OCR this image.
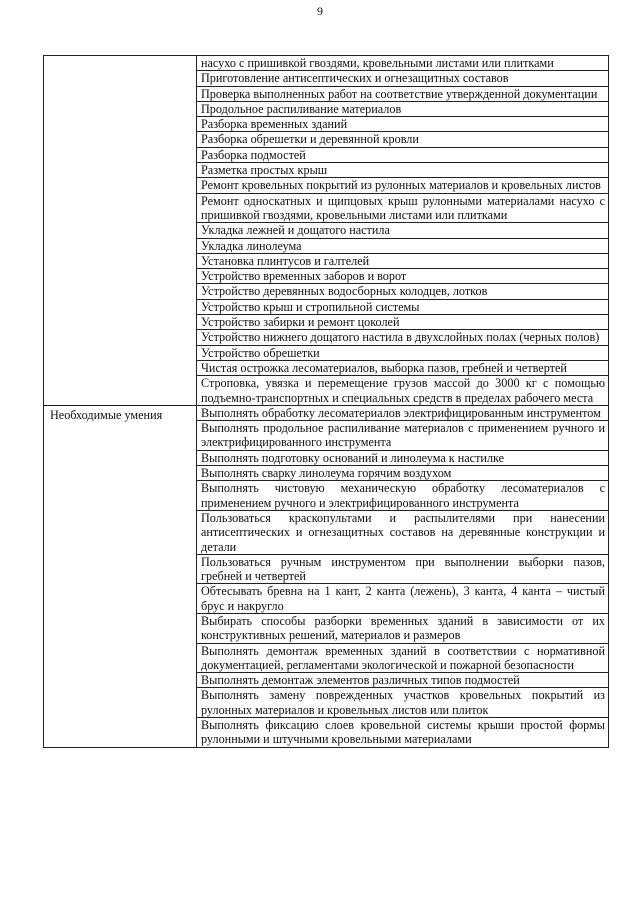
9
	насухо с пришивкой гвоздями, кровельными листами или плитками
	Приготовление антисептических и огнезащитных составов
	Проверка выполненных работ на соответствие утвержденной документации
	Продольное распиливание материалов
	Разборка временных зданий
	Разборка обрешетки и деревянной кровли
	Разборка подмостей
	Разметка простых крыш
	Ремонт кровельных покрытий из рулонных материалов и кровельных листов
	Ремонт односкатных и щипцовых крыш рулонными материалами насухо с пришивкой гвоздями, кровельными листами или плитками
	Укладка лежней и дощатого настила
	Укладка линолеума
	Установка плинтусов и галтелей
	Устройство временных заборов и ворот
	Устройство деревянных водосборных колодцев, лотков
	Устройство крыш и стропильной системы
	Устройство забирки и ремонт цоколей
	Устройство нижнего дощатого настила в двухслойных полах (черных полов)
	Устройство обрешетки
	Чистая острожка лесоматериалов, выборка пазов, гребней и четвертей
	Строповка, увязка и перемещение грузов массой до 3000 кг с помощью подъемно-транспортных и специальных средств в пределах рабочего места
Необходимые умения	Выполнять обработку лесоматериалов электрифицированным инструментом
	Выполнять продольное распиливание материалов с применением ручного и электрифицированного инструмента
	Выполнять подготовку оснований и линолеума к настилке
	Выполнять сварку линолеума горячим воздухом
	Выполнять чистовую механическую обработку лесоматериалов с применением ручного и электрифицированного инструмента
	Пользоваться краскопультами и распылителями при нанесении антисептических и огнезащитных составов на деревянные конструкции и детали
	Пользоваться ручным инструментом при выполнении выборки пазов, гребней и четвертей
	Обтесывать бревна на 1 кант, 2 канта (лежень), 3 канта, 4 канта – чистый брус и накругло
	Выбирать способы разборки временных зданий в зависимости от их конструктивных решений, материалов и размеров
	Выполнять демонтаж временных зданий в соответствии с нормативной документацией, регламентами экологической и пожарной безопасности
	Выполнять демонтаж элементов различных типов подмостей
	Выполнять замену поврежденных участков кровельных покрытий из рулонных материалов и кровельных листов или плиток
	Выполнять фиксацию слоев кровельной системы крыши простой формы рулонными и штучными кровельными материалами
